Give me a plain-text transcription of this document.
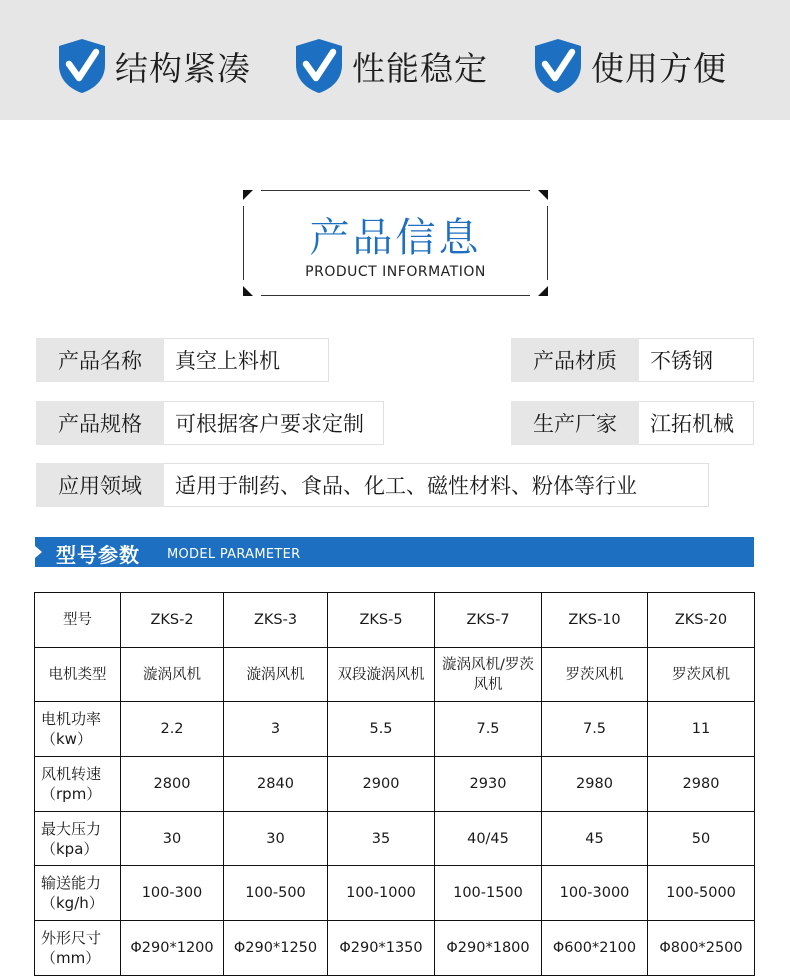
结构紧凑	性能稳定	使用方便
产品信息
PRODUCT INFORMATION
产品名称	真空上料机	产品材质	不锈钢
产品规格	可根据客户要求定制	生产厂家	江拓机械
应用领域	适用于制药、食品、化工、磁性材料、粉体等行业
型号参数 MODEL PARAMETER
型号	ZKS-2	ZKS-3	ZKS-5	ZKS-7	ZKS-10	ZKS-20

电机类型	漩涡风机	漩涡风机	双段漩涡风机	漩涡风机/罗茨风机	罗茨风机	罗茨风机

电机功率
（kw）	2.2	3	5.5	7.5	7.5	11

风机转速
（rpm）	2800	2840	2900	2930	2980	2980

最大压力
（kpa）	30	30	35	40/45	45	50

输送能力
（kg/h）	100-300	100-500	100-1000	100-1500	100-3000	100-5000

外形尺寸
（mm）	Φ290*1200	Φ290*1250	Φ290*1350	Φ290*1800	Φ600*2100	Φ800*2500
